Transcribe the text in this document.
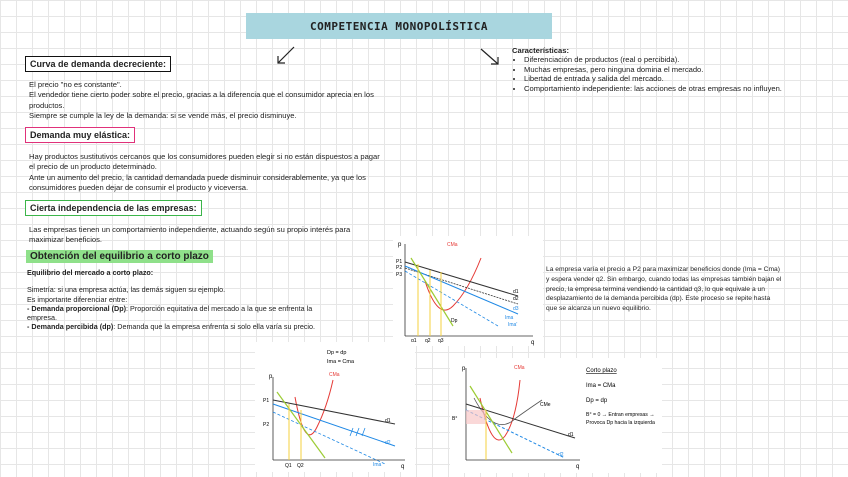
COMPETENCIA MONOPOLÍSTICA
Curva de demanda decreciente:
El precio "no es constante".
El vendedor tiene cierto poder sobre el precio, gracias a la diferencia que el consumidor aprecia en los
productos.
Siempre se cumple la ley de la demanda: si se vende más, el precio disminuye.
Demanda muy elástica:
Hay productos sustitutivos cercanos que los consumidores pueden elegir si no están dispuestos a pagar
el precio de un producto determinado.
Ante un aumento del precio, la cantidad demandada puede disminuir considerablemente, ya que los
consumidores pueden dejar de consumir el producto y viceversa.
Cierta independencia de las empresas:
Las empresas tienen un comportamiento independiente, actuando según su propio interés para
maximizar beneficios.
Obtención del equilibrio a corto plazo
Equilibrio del mercado a corto plazo:
Simetría: si una empresa actúa, las demás siguen su ejemplo.
Es importante diferenciar entre:
- Demanda proporcional (Dp): Proporción equitativa del mercado a la que se enfrenta la
empresa.
- Demanda percibida (dp): Demanda que la empresa enfrenta si solo ella varía su precio.
Características:
• Diferenciación de productos (real o percibida).
• Muchas empresas, pero ninguna domina el mercado.
• Libertad de entrada y salida del mercado.
• Comportamiento independiente: las acciones de otras empresas no influyen.
La empresa varía el precio a P2 para maximizar beneficios donde (Ima = Cma)
y espera vender q2. Sin embargo, cuando todas las empresas también bajan el
precio, la empresa termina vendiendo la cantidad q3, lo que equivale a un
desplazamiento de la demanda percibida (dp). Este proceso se repite hasta
que se alcanza un nuevo equilibrio.
p
q
CMa
P1
P2
P3
d1
d2
d3
Ima
Ima'
Dp
q1 q2 q3
Dp = dp
Ima = Cma
p
q
CMa
P1
P2
d1
d2
Ima
Q1 Q2
p
q
CMa
CMe
B°
d1
d2
Corto plazo
Ima = CMa
Dp = dp
B° = 0 → Entran empresas →
Provoca Dp hacia la izquierda
